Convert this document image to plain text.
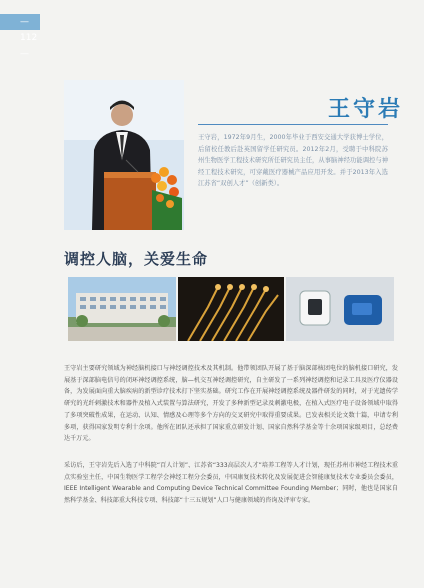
—112—
王守岩

王守岩，1972年9月生，2000年毕业于西安交通大学获博士学位，后留校任教后赴英国留学任研究员。2012年2月，受聘于中科院苏州生物医学工程技术研究所任研究员主任，从事脑神经功能调控与神经工程技术研究，可穿戴医疗器械产品应用开发。并于2013年入选江苏省“双创人才”（创新类）。

调控人脑，关爱生命

王守岩主要研究领域为神经脑机接口与神经调控技术及其机制。他带领团队开展了基于脑深部核团电位的脑机接口研究，发展基于深部脑电信号的闭环神经调控系统，脑—机交互神经调控研究，自主研发了一系列神经调控和记录工具及医疗仪器设备，为发展面向重大脑疾病的新型诊疗技术打下坚实基础。研究工作在开展神经调控系统及器件研发的同时，对于光遗传学研究的光纤刺激技术和器件及植入式装置与算法研究，开发了多种新型记录及刺激电极，在植入式医疗电子设备领域中取得了多项突破性成果，在运动、认知、情感及心理等多个方向的交叉研究中取得重要成果。已发表相关论文数十篇，申请专利多项，获得国家发明专利十余项。他所在团队还承担了国家重点研发计划、国家自然科学基金等十余项国家级项目，总经费达千万元。

采访后，王守岩先后入选了中科院“百人计划”、江苏省“333高层次人才”培养工程等人才计划，现任苏州市神经工程技术重点实验室主任，中国生物医学工程学会神经工程分会委员，中国康复技术转化及发展促进会智能康复技术专业委员会委员，IEEE Intelligent Wearable and Computing Device Technical Committee Founding Member；同时，他也是国家自然科学基金、科技部重大科技专项、科技部“十三五规划”人口与健康领域的咨询及评审专家。
